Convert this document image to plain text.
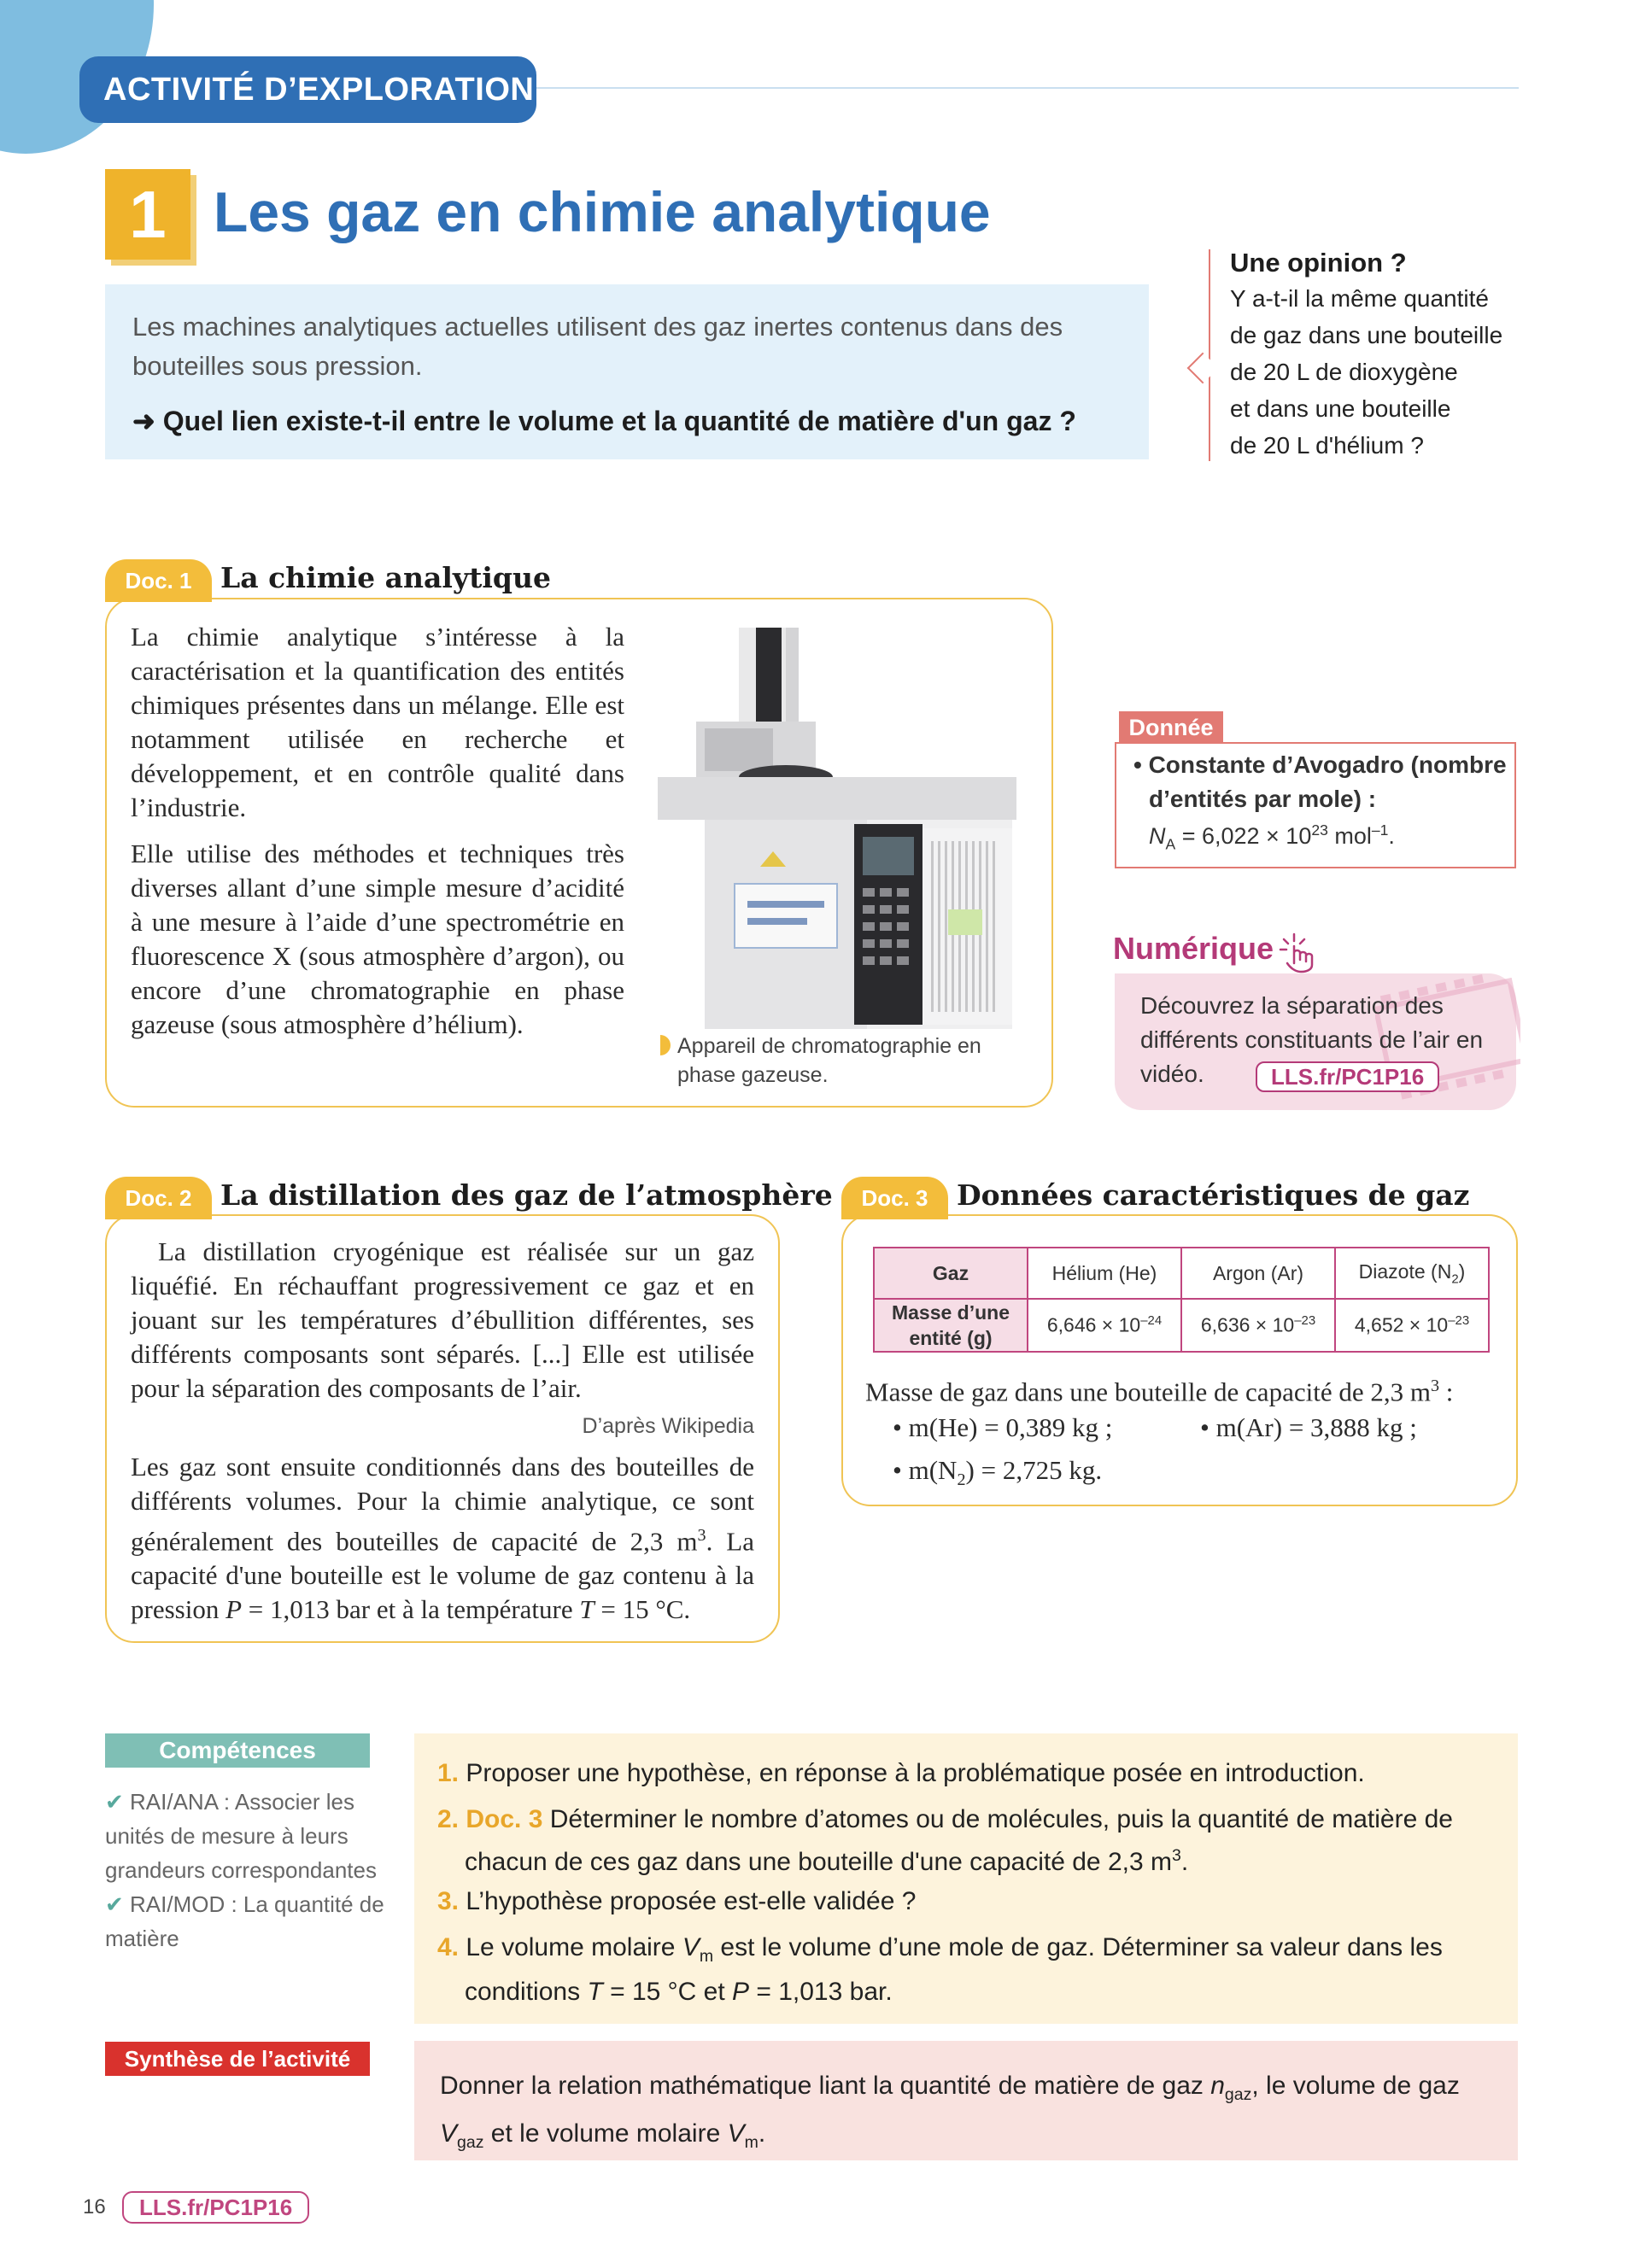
ACTIVITÉ D’EXPLORATION
1 Les gaz en chimie analytique
Les machines analytiques actuelles utilisent des gaz inertes contenus dans des bouteilles sous pression.
➜ Quel lien existe-t-il entre le volume et la quantité de matière d'un gaz ?
Une opinion ?
Y a-t-il la même quantité
de gaz dans une bouteille
de 20 L de dioxygène
et dans une bouteille
de 20 L d'hélium ?
Doc. 1	La chimie analytique
La chimie analytique s’intéresse à la caractérisation et la quantification des entités chimiques présentes dans un mélange. Elle est notamment utilisée en recherche et développement, et en contrôle qualité dans l’industrie.
Elle utilise des méthodes et techniques très diverses allant d’une simple mesure d’acidité à une mesure à l’aide d’une spectrométrie en fluorescence X (sous atmosphère d’argon), ou encore d’une chromatographie en phase gazeuse (sous atmosphère d’hélium).
Appareil de chromatographie en phase gazeuse.
Donnée
• Constante d’Avogadro (nombre
d’entités par mole) :
$N_A = 6,022 \times 10^{23}$ mol$^{-1}$.
Numérique
Découvrez la séparation des différents constituants de l’air en vidéo.	LLS.fr/PC1P16
Doc. 2	La distillation des gaz de l’atmosphère
La distillation cryogénique est réalisée sur un gaz liquéfié. En réchauffant progressivement ce gaz et en jouant sur les températures d’ébullition différentes, ses différents composants sont séparés. [...] Elle est utilisée pour la séparation des composants de l’air.
D’après Wikipedia
Les gaz sont ensuite conditionnés dans des bouteilles de différents volumes. Pour la chimie analytique, ce sont généralement des bouteilles de capacité de 2,3 $m^3$. La capacité d'une bouteille est le volume de gaz contenu à la pression P = 1,013 bar et à la température T = 15 °C.
Doc. 3	Données caractéristiques de gaz
Gaz	Hélium (He)	Argon (Ar)	Diazote $(N_2)$
Masse d’une entité (g)	$6,646 \times 10^{-24}$	$6,636 \times 10^{-23}$	$4,652 \times 10^{-23}$
Masse de gaz dans une bouteille de capacité de 2,3 $m^3$ :
• m(He) = 0,389 kg ;	• m(Ar) = 3,888 kg ;
• $m(N_2) = 2,725$ kg.
Compétences
✔ RAI/ANA : Associer les unités de mesure à leurs grandeurs correspondantes
✔ RAI/MOD : La quantité de matière
1. Proposer une hypothèse, en réponse à la problématique posée en introduction.
2. Doc. 3 Déterminer le nombre d’atomes ou de molécules, puis la quantité de matière de chacun de ces gaz dans une bouteille d'une capacité de 2,3 $m^3$.
3. L’hypothèse proposée est-elle validée ?
4. Le volume molaire $V_m$ est le volume d’une mole de gaz. Déterminer sa valeur dans les conditions T = 15 °C et P = 1,013 bar.
Synthèse de l’activité
Donner la relation mathématique liant la quantité de matière de gaz $n_{gaz}$, le volume de gaz $V_{gaz}$ et le volume molaire $V_m$.
16	LLS.fr/PC1P16
